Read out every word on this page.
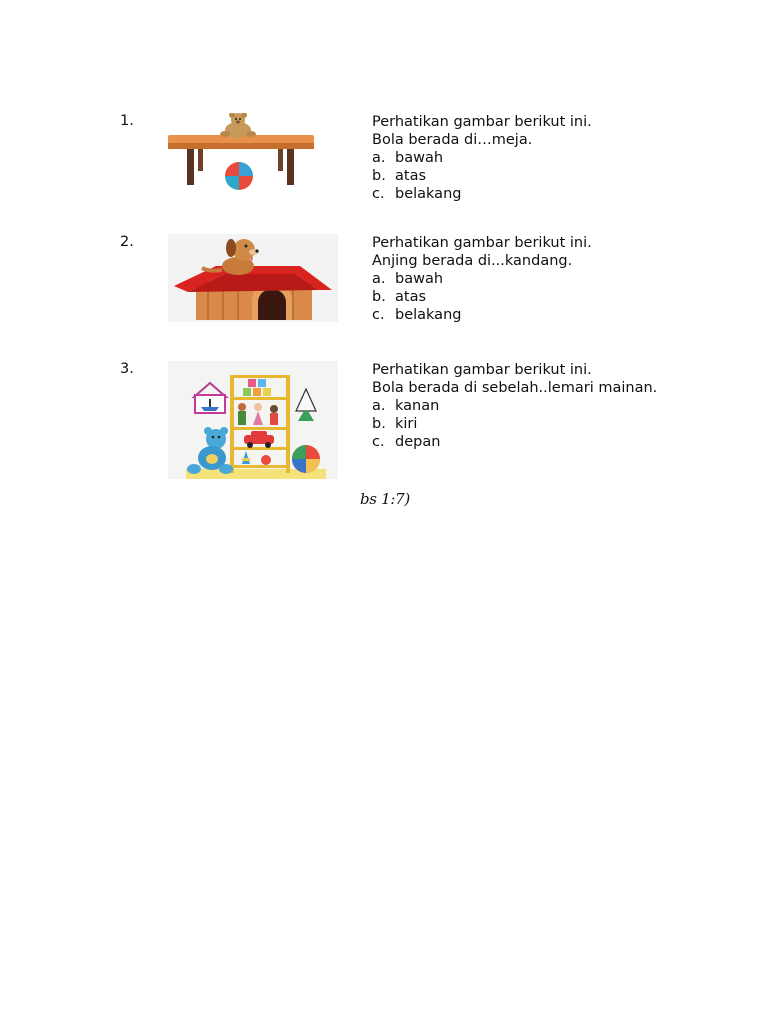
1.	Perhatikan gambar berikut ini.
Bola berada di…meja.
a. bawah
b. atas
c. belakang
2.	Perhatikan gambar berikut ini.
Anjing berada di...kandang.
a. bawah
b. atas
c. belakang
3.	Perhatikan gambar berikut ini.
Bola berada di sebelah..lemari mainan.
a. kanan
b. kiri
c. depan
bs 1:7)
